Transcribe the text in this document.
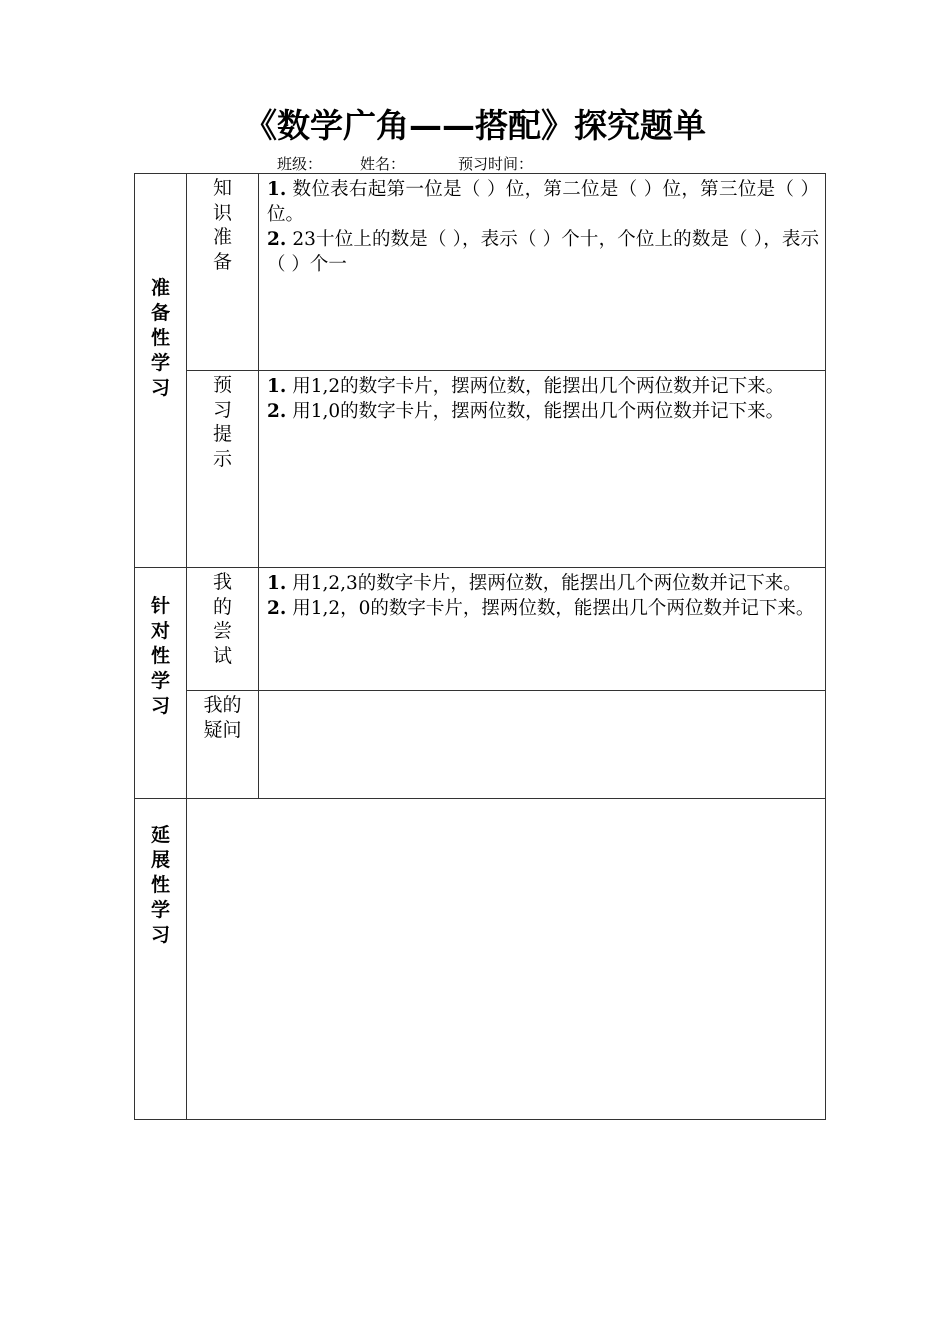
《数学广角——搭配》探究题单
班级：	姓名：	预习时间：
准备性学习	知识准备	1. 数位表右起第一位是（ ）位，第二位是（ ）位，第三位是（ ）位。

2. 23十位上的数是（ ），表示（ ）个十，个位上的数是（ ），表示（ ）个一

	预习提示	1. 用1,2的数字卡片，摆两位数，能摆出几个两位数并记下来。

2. 用1,0的数字卡片，摆两位数，能摆出几个两位数并记下来。

针对性学习	我的尝试	1. 用1,2,3的数字卡片，摆两位数，能摆出几个两位数并记下来。

2. 用1,2，0的数字卡片，摆两位数，能摆出几个两位数并记下来。

	我的疑问	

延展性学习		
